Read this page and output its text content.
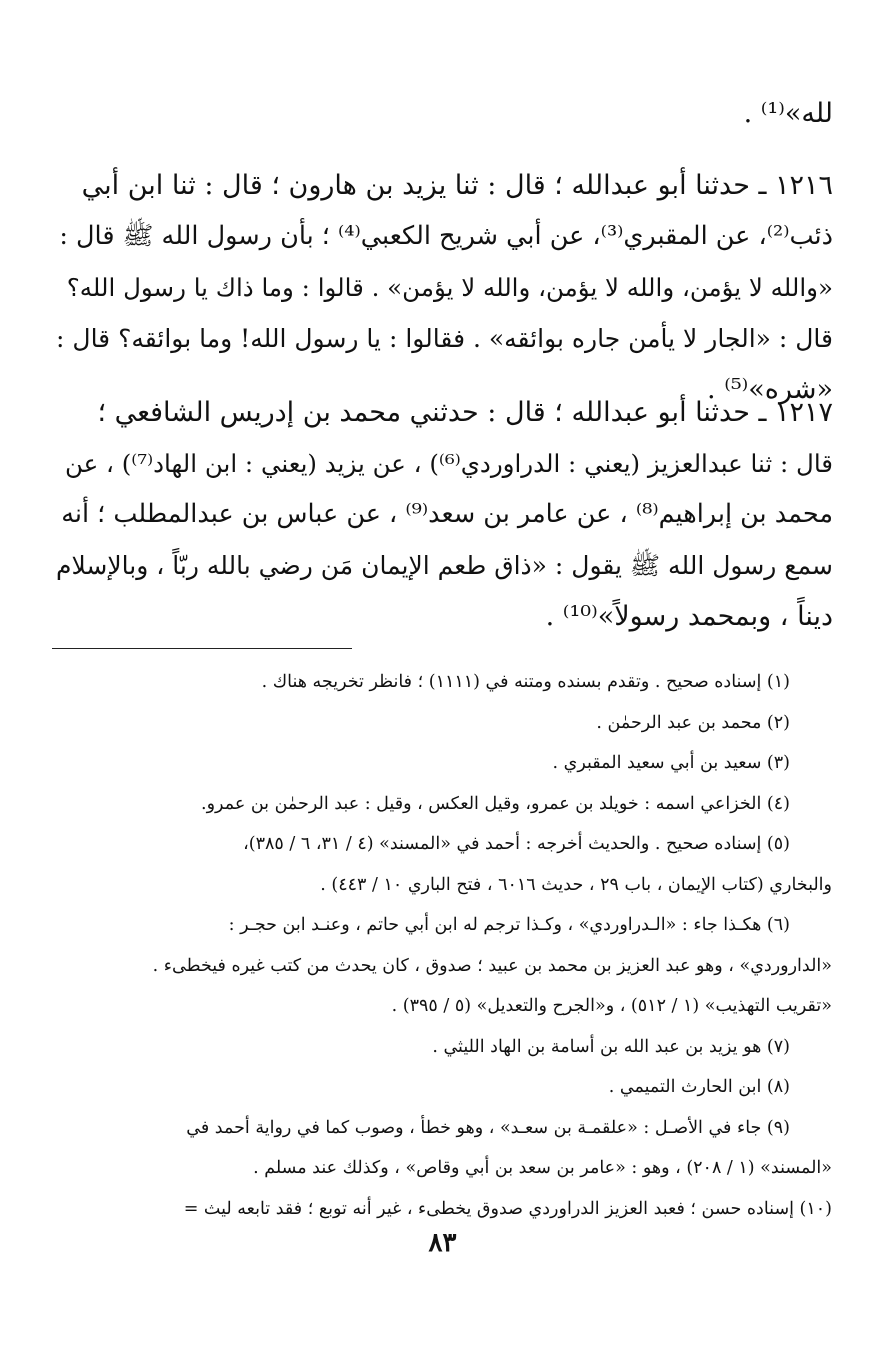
لله»⁽¹⁾ .
١٢١٦ ـ حدثنا أبو عبدالله ؛ قال : ثنا يزيد بن هارون ؛ قال : ثنا ابن أبي
ذئب⁽²⁾، عن المقبري⁽³⁾، عن أبي شريح الكعبي⁽⁴⁾ ؛ بأن رسول الله ﷺ قال :
«والله لا يؤمن، والله لا يؤمن، والله لا يؤمن» . قالوا : وما ذاك يا رسول الله؟
قال : «الجار لا يأمن جاره بوائقه» . فقالوا : يا رسول الله! وما بوائقه؟ قال :
«شره»⁽⁵⁾ .
١٢١٧ ـ حدثنا أبو عبدالله ؛ قال : حدثني محمد بن إدريس الشافعي ؛
قال : ثنا عبدالعزيز (يعني : الدراوردي⁽⁶⁾) ، عن يزيد (يعني : ابن الهاد⁽⁷⁾) ، عن
محمد بن إبراهيم⁽⁸⁾ ، عن عامر بن سعد⁽⁹⁾ ، عن عباس بن عبدالمطلب ؛ أنه
سمع رسول الله ﷺ يقول : «ذاق طعم الإيمان مَن رضي بالله ربّاً ، وبالإسلام
ديناً ، وبمحمد رسولاً»⁽¹⁰⁾ .
(١) إسناده صحيح . وتقدم بسنده ومتنه في (١١١١) ؛ فانظر تخريجه هناك .
(٢) محمد بن عبد الرحمٰن .
(٣) سعيد بن أبي سعيد المقبري .
(٤) الخزاعي اسمه : خويلد بن عمرو، وقيل العكس ، وقيل : عبد الرحمٰن بن عمرو.
(٥) إسناده صحيح . والحديث أخرجه : أحمد في «المسند» (٤ / ٣١، ٦ / ٣٨٥)،
والبخاري (كتاب الإيمان ، باب ٢٩ ، حديث ٦٠١٦ ، فتح الباري ١٠ / ٤٤٣) .
(٦) هكـذا جاء : «الـدراوردي» ، وكـذا ترجم له ابن أبي حاتم ، وعنـد ابن حجـر :
«الداروردي» ، وهو عبد العزيز بن محمد بن عبيد ؛ صدوق ، كان يحدث من كتب غيره فيخطىء .
«تقريب التهذيب» (١ / ٥١٢) ، و«الجرح والتعديل» (٥ / ٣٩٥) .
(٧) هو يزيد بن عبد الله بن أسامة بن الهاد الليثي .
(٨) ابن الحارث التميمي .
(٩) جاء في الأصـل : «علقمـة بن سعـد» ، وهو خطأ ، وصوب كما في رواية أحمد في
«المسند» (١ / ٢٠٨) ، وهو : «عامر بن سعد بن أبي وقاص» ، وكذلك عند مسلم .
(١٠) إسناده حسن ؛ فعبد العزيز الدراوردي صدوق يخطىء ، غير أنه توبع ؛ فقد تابعه ليث =
٨٣
